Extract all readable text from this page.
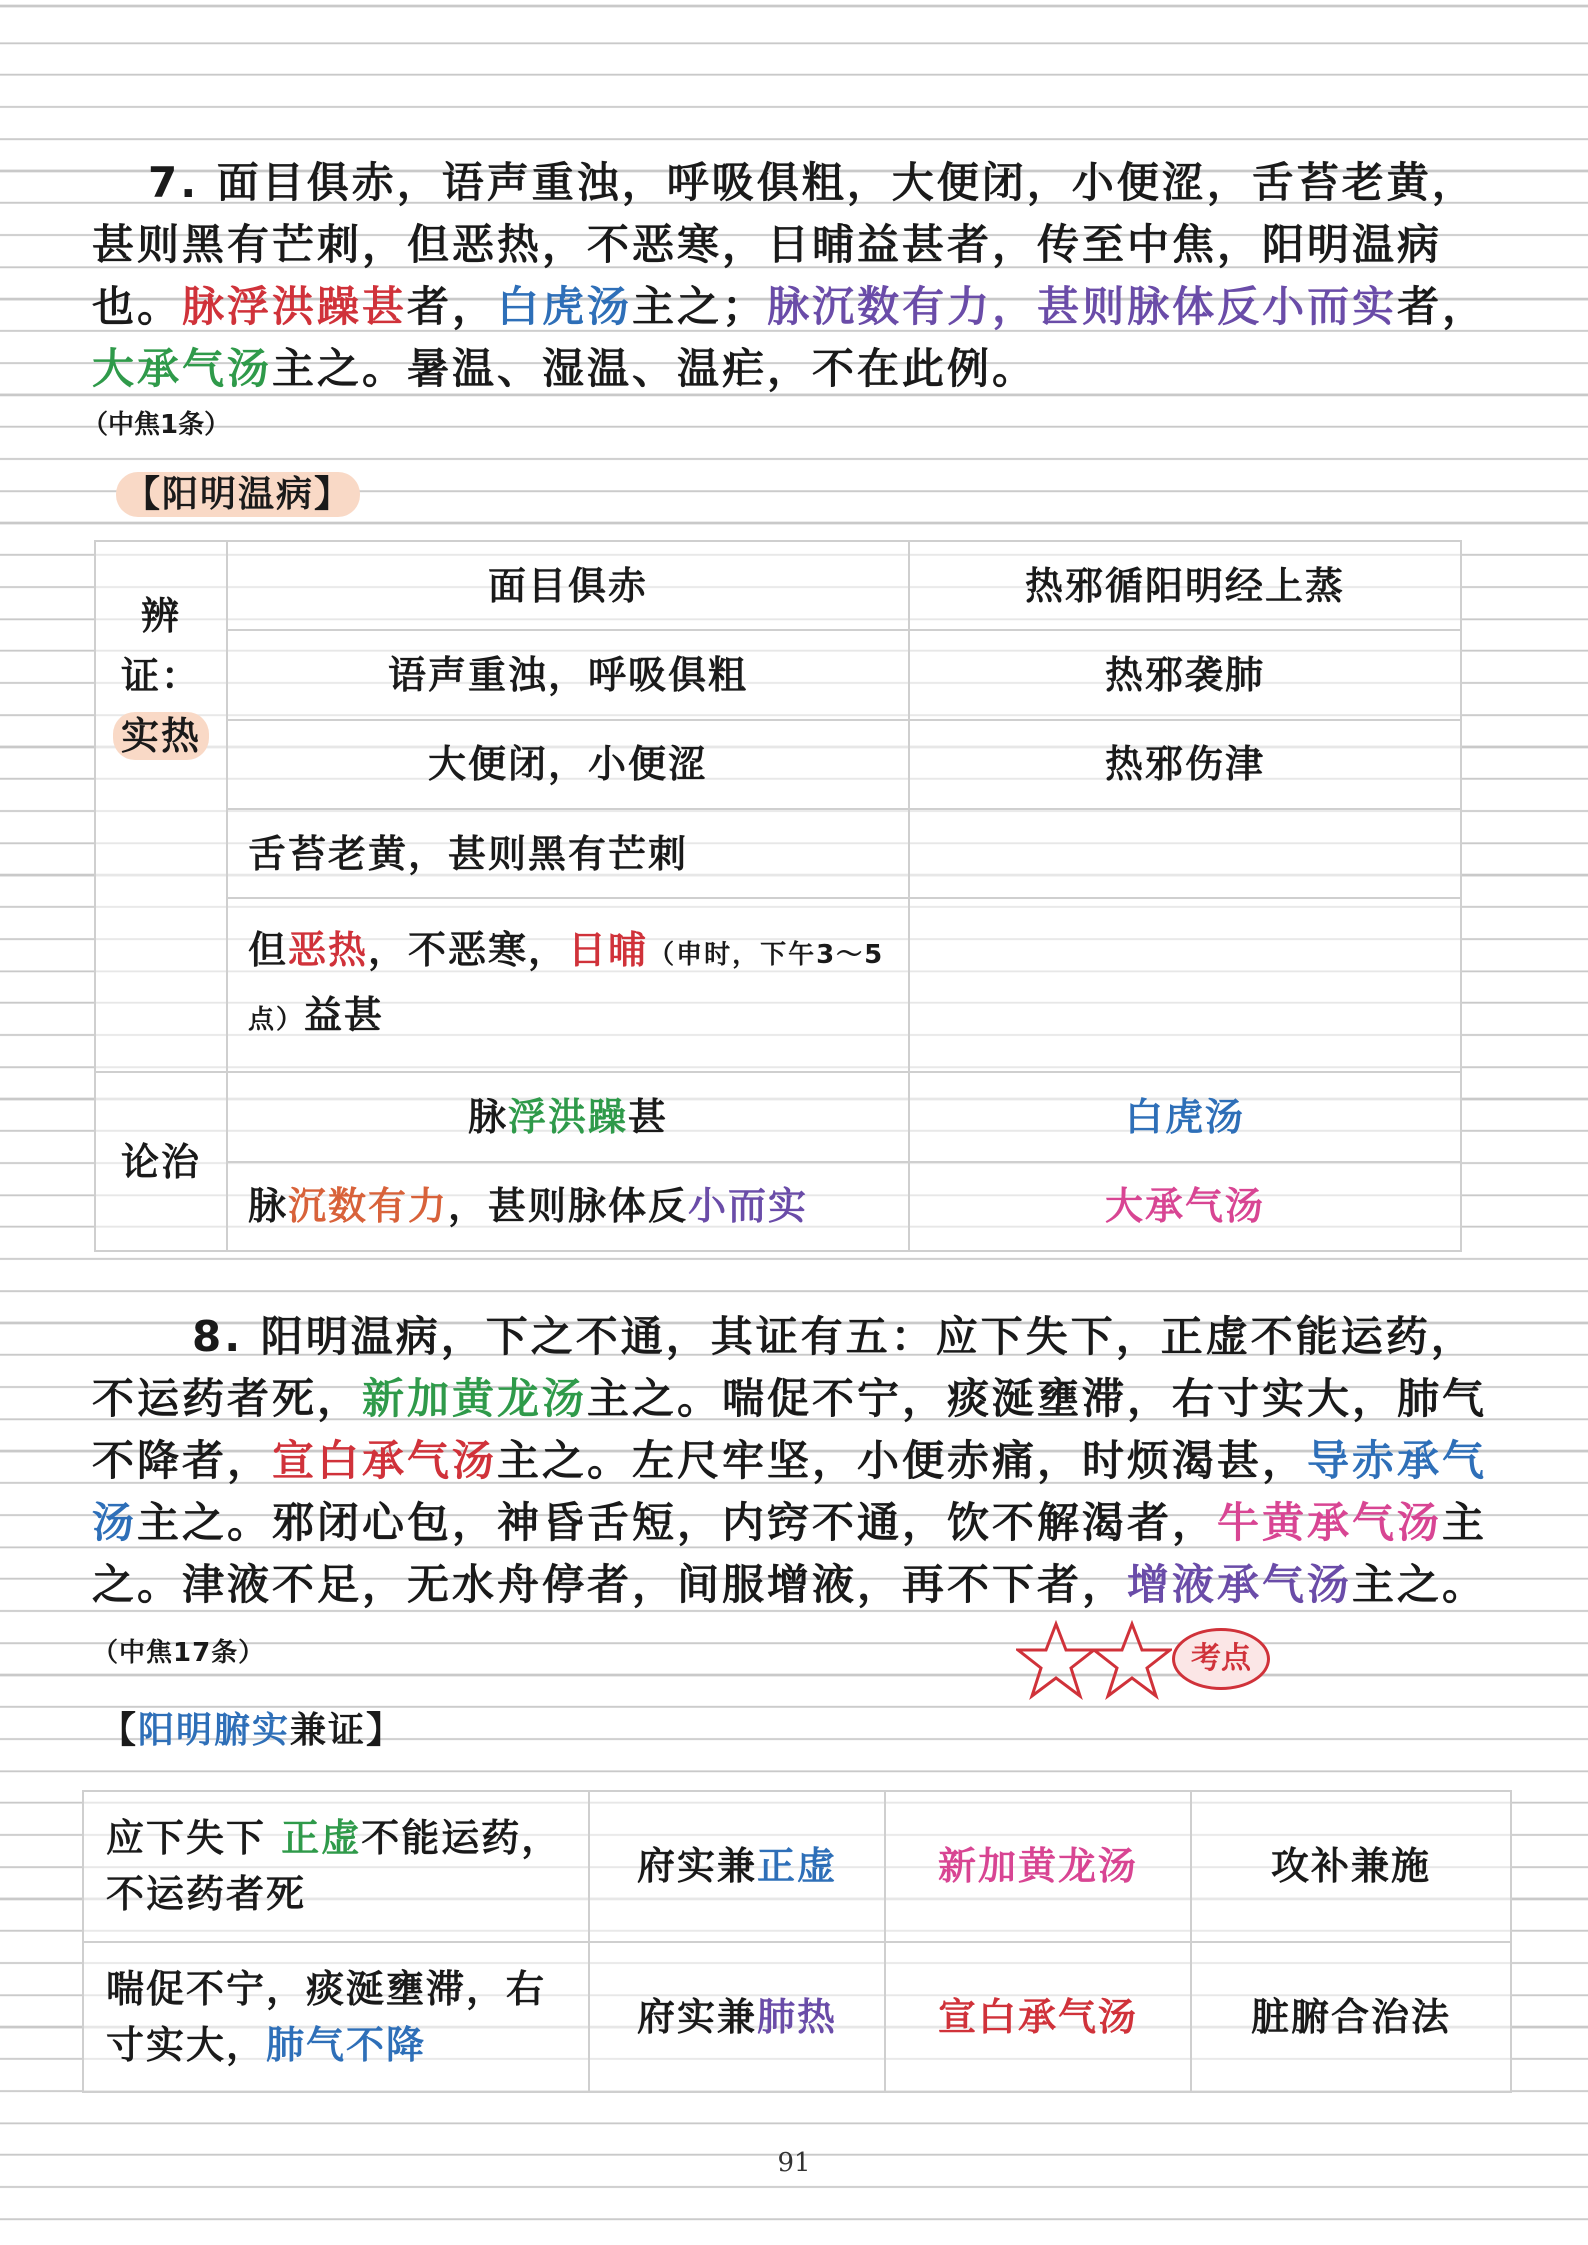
7. 面目俱赤，语声重浊，呼吸俱粗，大便闭，小便涩，舌苔老黄，甚则黑有芒刺，但恶热，不恶寒，日晡益甚者，传至中焦，阳明温病也。脉浮洪躁甚者，白虎汤主之；脉沉数有力，甚则脉体反小而实者，大承气汤主之。暑温、湿温、温疟，不在此例。

（中焦1条）
【阳明温病】
辨证：
实热	面目俱赤	热邪循阳明经上蒸
	语声重浊，呼吸俱粗	热邪袭肺
	大便闭，小便涩	热邪伤津
	舌苔老黄，甚则黑有芒刺	
	但恶热，不恶寒，日晡（申时，下午3～5点）益甚	
论治	脉浮洪躁甚	白虎汤
	脉沉数有力，甚则脉体反小而实	大承气汤

8. 阳明温病，下之不通，其证有五：应下失下，正虚不能运药，不运药者死，新加黄龙汤主之。喘促不宁，痰涎壅滞，右寸实大，肺气不降者，宣白承气汤主之。左尺牢坚，小便赤痛，时烦渴甚，导赤承气汤主之。邪闭心包，神昏舌短，内窍不通，饮不解渴者，牛黄承气汤主之。津液不足，无水舟停者，间服增液，再不下者，增液承气汤主之。（中焦17条）	考点
【阳明腑实兼证】
应下失下 正虚不能运药，不运药者死	府实兼正虚	新加黄龙汤	攻补兼施
喘促不宁，痰涎壅滞，右寸实大，肺气不降	府实兼肺热	宣白承气汤	脏腑合治法
91
